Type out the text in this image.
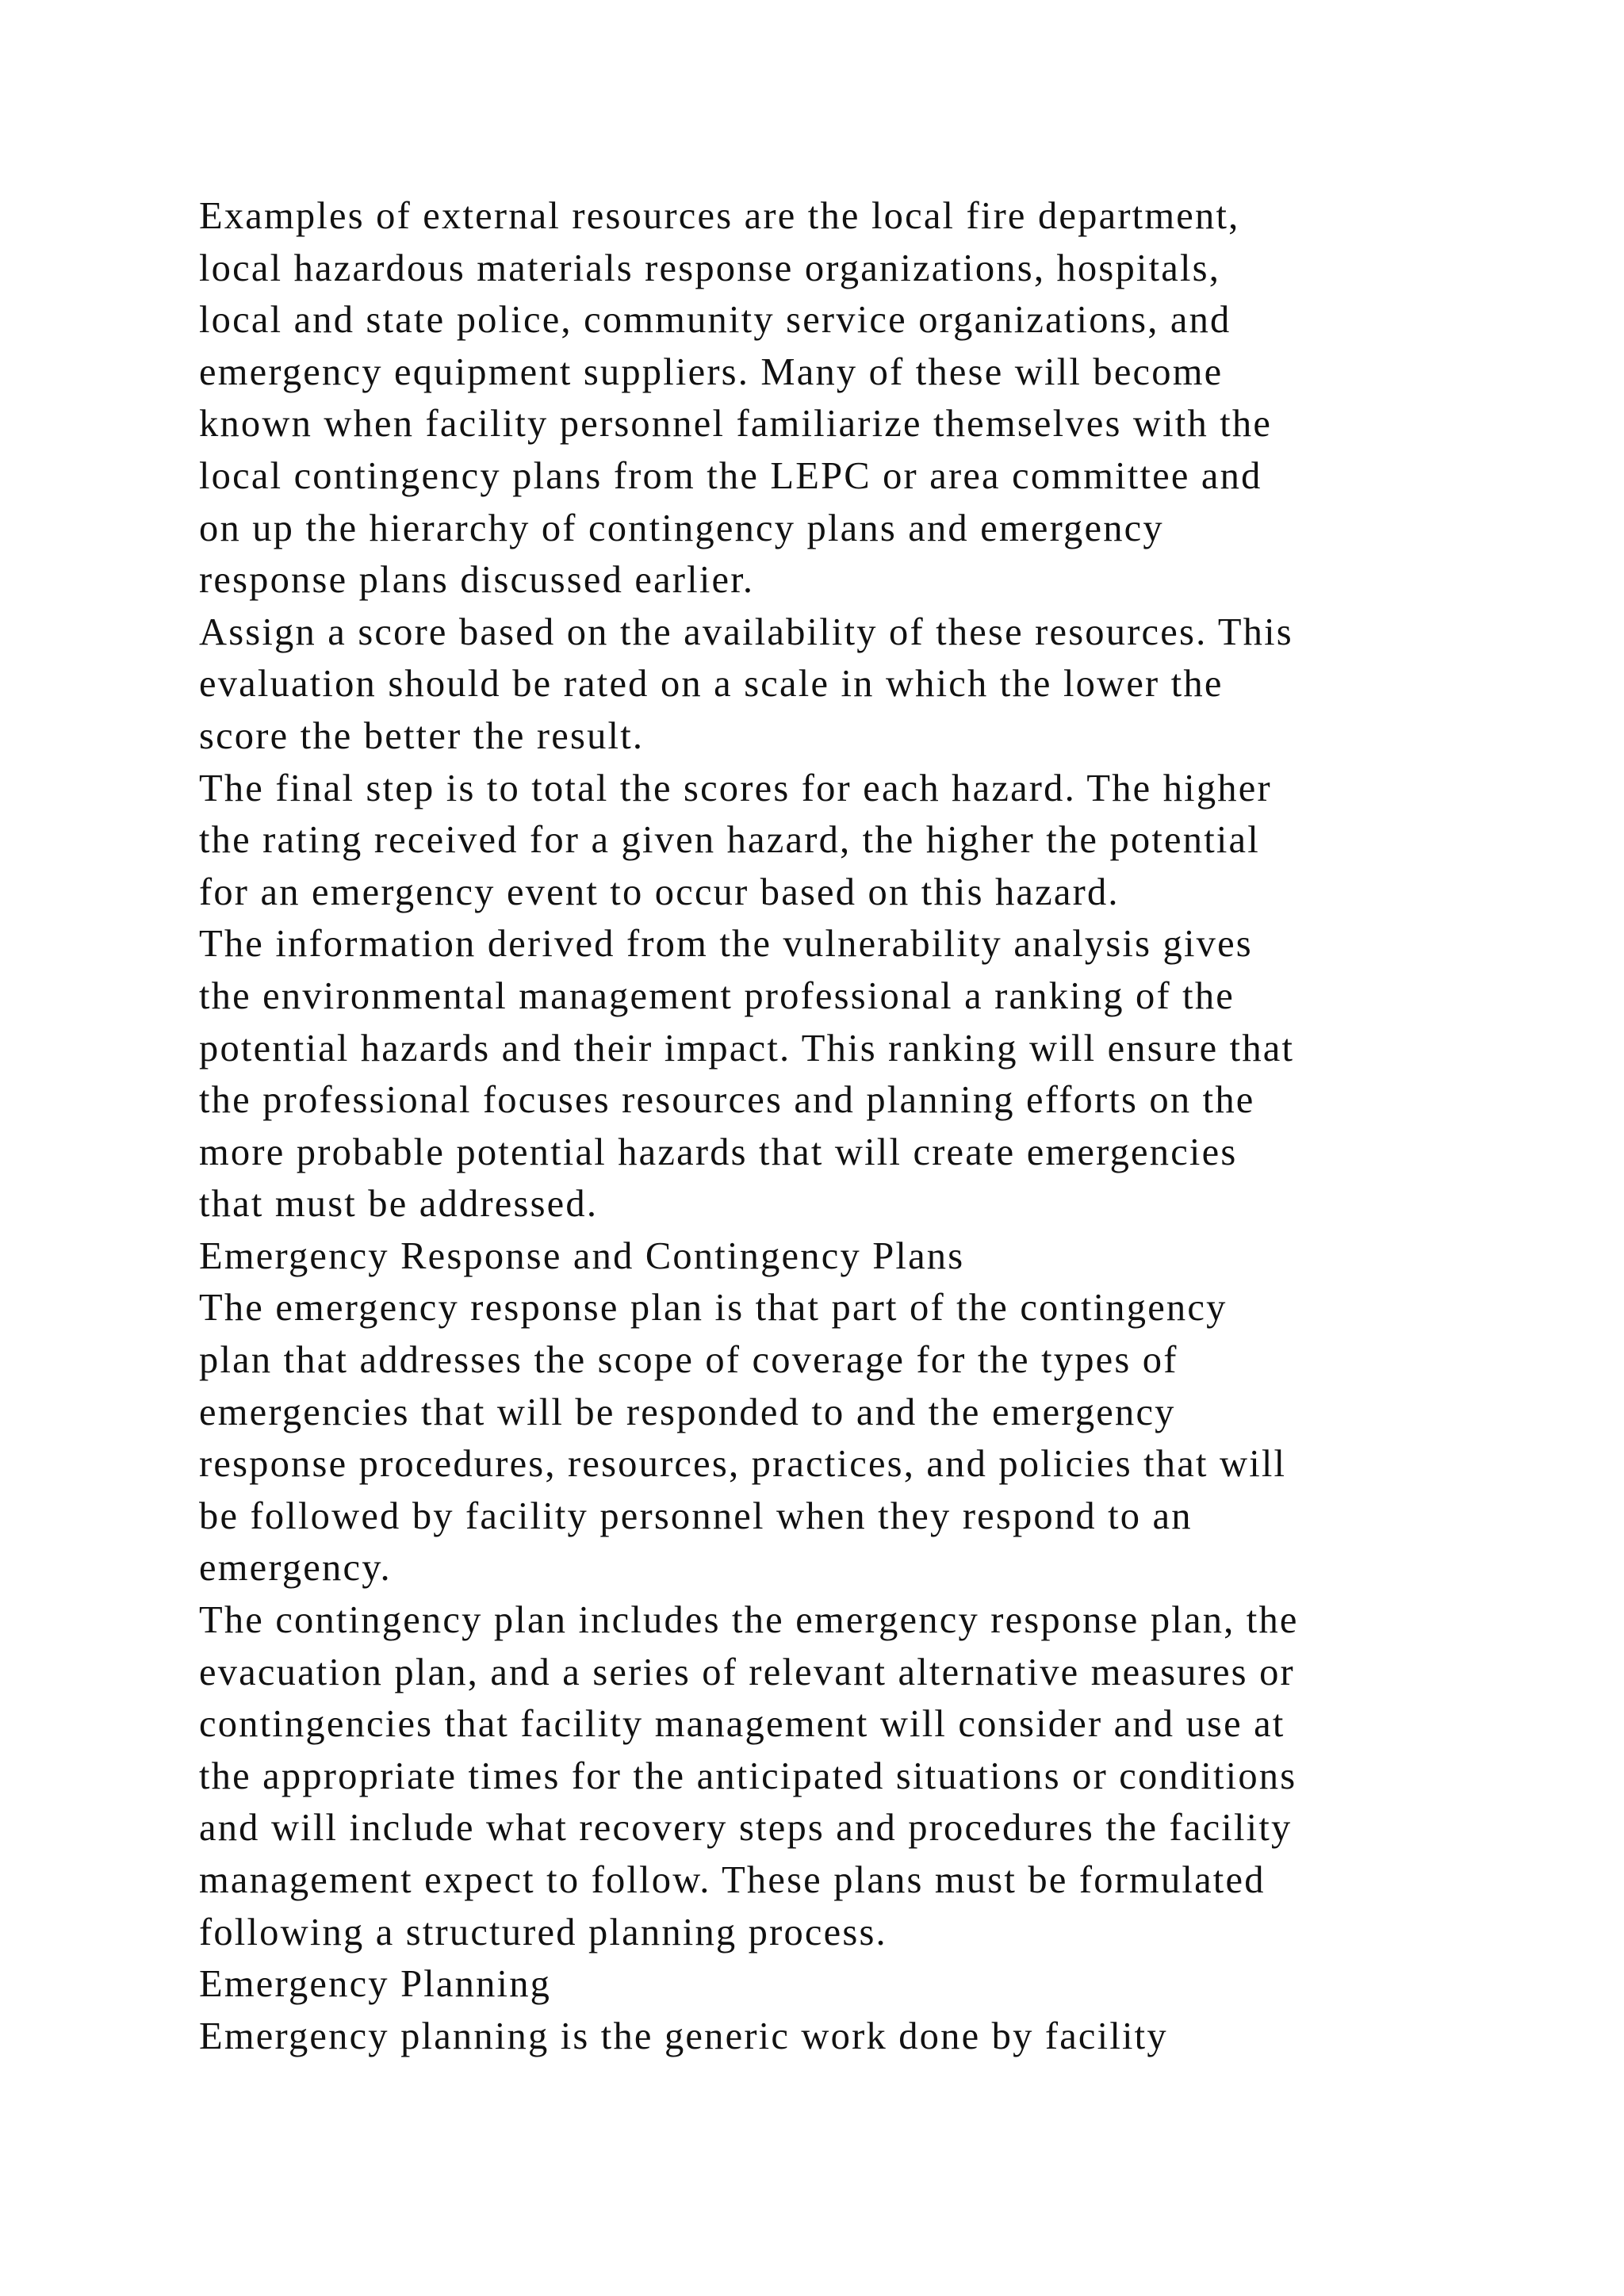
Examples of external resources are the local fire department,
local hazardous materials response organizations, hospitals,
local and state police, community service organizations, and
emergency equipment suppliers. Many of these will become
known when facility personnel familiarize themselves with the
local contingency plans from the LEPC or area committee and
on up the hierarchy of contingency plans and emergency
response plans discussed earlier.
Assign a score based on the availability of these resources. This
evaluation should be rated on a scale in which the lower the
score the better the result.
The final step is to total the scores for each hazard. The higher
the rating received for a given hazard, the higher the potential
for an emergency event to occur based on this hazard.
The information derived from the vulnerability analysis gives
the environmental management professional a ranking of the
potential hazards and their impact. This ranking will ensure that
the professional focuses resources and planning efforts on the
more probable potential hazards that will create emergencies
that must be addressed.
Emergency Response and Contingency Plans
The emergency response plan is that part of the contingency
plan that addresses the scope of coverage for the types of
emergencies that will be responded to and the emergency
response procedures, resources, practices, and policies that will
be followed by facility personnel when they respond to an
emergency.
The contingency plan includes the emergency response plan, the
evacuation plan, and a series of relevant alternative measures or
contingencies that facility management will consider and use at
the appropriate times for the anticipated situations or conditions
and will include what recovery steps and procedures the facility
management expect to follow. These plans must be formulated
following a structured planning process.
Emergency Planning
Emergency planning is the generic work done by facility
